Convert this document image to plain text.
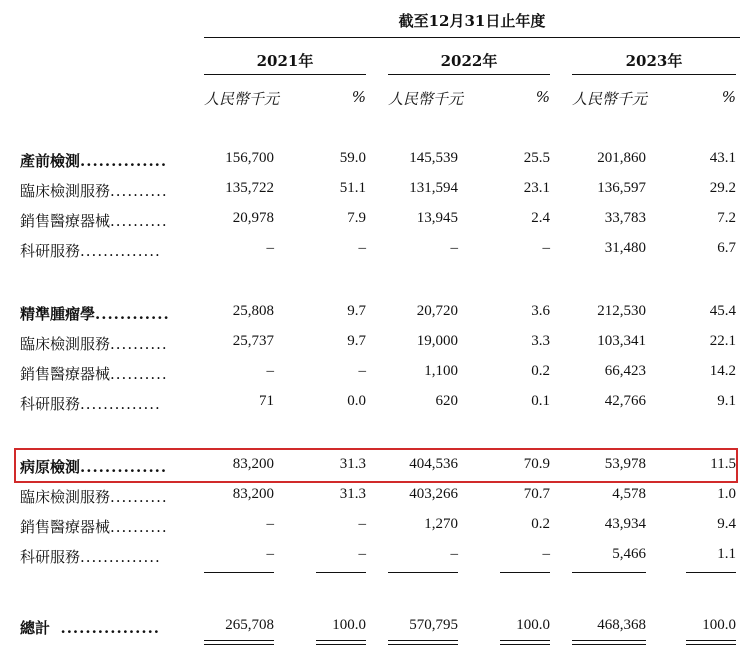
截至12月31日止年度
2021年	2022年	2023年
人民幣千元	% 人民幣千元	% 人民幣千元	%
產前檢測..............	156,700	59.0	145,539	25.5	201,860	43.1
臨床檢測服務..........	135,722	51.1	131,594	23.1	136,597	29.2
銷售醫療器械..........	20,978	7.9	13,945	2.4	33,783	7.2
科研服務..............	–	–	–	–	31,480	6.7
精準腫瘤學............	25,808	9.7	20,720	3.6	212,530	45.4
臨床檢測服務..........	25,737	9.7	19,000	3.3	103,341	22.1
銷售醫療器械..........	–	–	1,100	0.2	66,423	14.2
科研服務..............	71	0.0	620	0.1	42,766	9.1
病原檢測..............	83,200	31.3	404,536	70.9	53,978	11.5
臨床檢測服務..........	83,200	31.3	403,266	70.7	4,578	1.0
銷售醫療器械..........	–	–	1,270	0.2	43,934	9.4
科研服務..............	–	–	–	–	5,466	1.1
總計 ................	265,708	100.0	570,795	100.0	468,368	100.0
